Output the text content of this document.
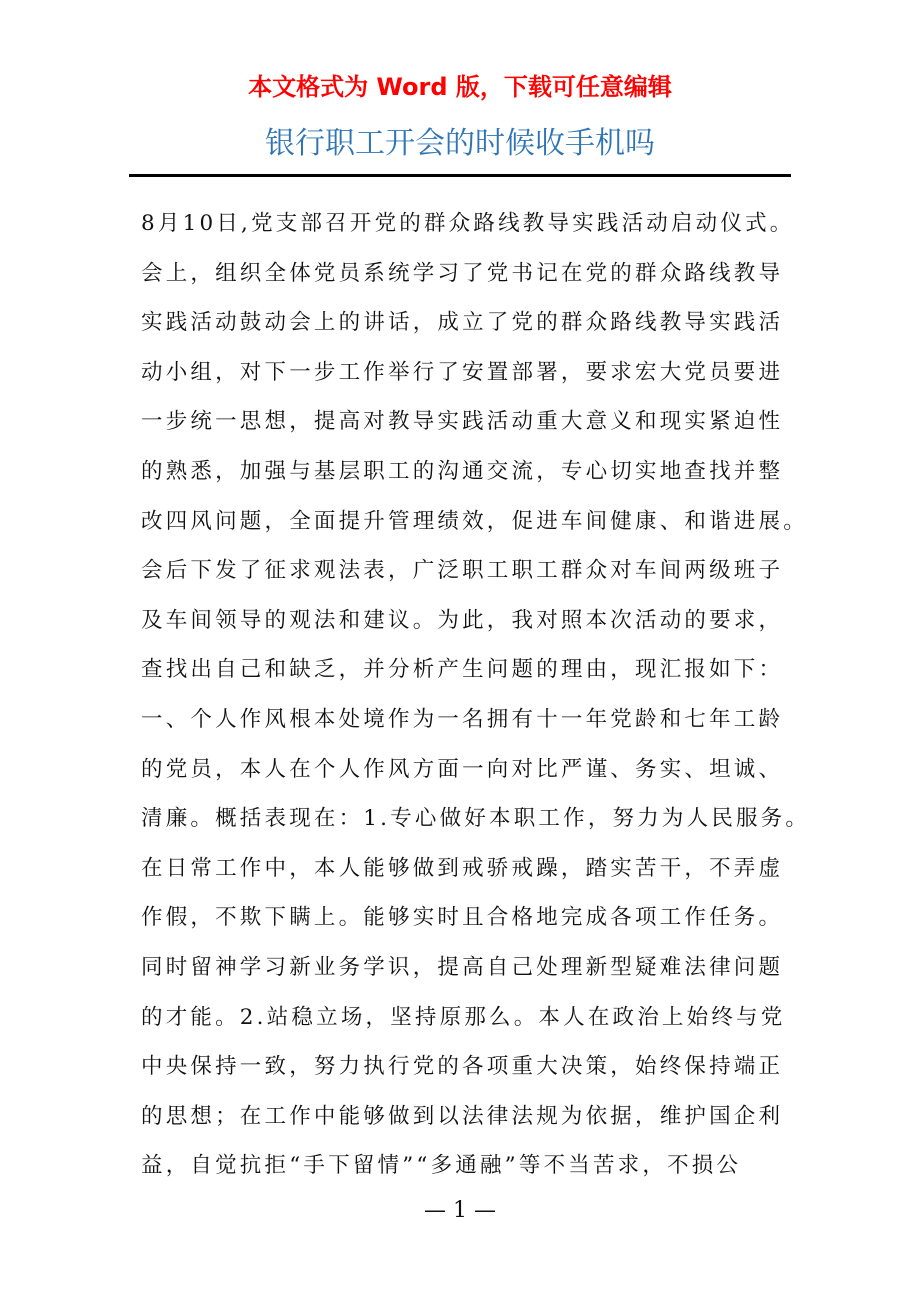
本文格式为 Word 版，下载可任意编辑
银行职工开会的时候收手机吗
8月10日,党支部召开党的群众路线教导实践活动启动仪式。
会上，组织全体党员系统学习了党书记在党的群众路线教导
实践活动鼓动会上的讲话，成立了党的群众路线教导实践活
动小组，对下一步工作举行了安置部署，要求宏大党员要进
一步统一思想，提高对教导实践活动重大意义和现实紧迫性
的熟悉，加强与基层职工的沟通交流，专心切实地查找并整
改四风问题，全面提升管理绩效，促进车间健康、和谐进展。
会后下发了征求观法表，广泛职工职工群众对车间两级班子
及车间领导的观法和建议。为此，我对照本次活动的要求，
查找出自己和缺乏，并分析产生问题的理由，现汇报如下：
一、个人作风根本处境作为一名拥有十一年党龄和七年工龄
的党员，本人在个人作风方面一向对比严谨、务实、坦诚、
清廉。概括表现在：1.专心做好本职工作，努力为人民服务。
在日常工作中，本人能够做到戒骄戒躁，踏实苦干，不弄虚
作假，不欺下瞒上。能够实时且合格地完成各项工作任务。
同时留神学习新业务学识，提高自己处理新型疑难法律问题
的才能。2.站稳立场，坚持原那么。本人在政治上始终与党
中央保持一致，努力执行党的各项重大决策，始终保持端正
的思想；在工作中能够做到以法律法规为依据，维护国企利
益，自觉抗拒“手下留情”“多通融”等不当苦求，不损公
— 1 —
